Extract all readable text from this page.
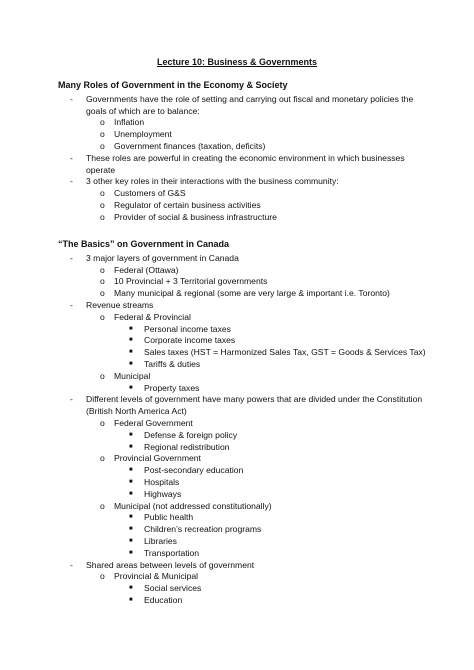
Lecture 10: Business & Governments
Many Roles of Government in the Economy & Society
- Governments have the role of setting and carrying out fiscal and monetary policies the goals of which are to balance:
o Inflation
o Unemployment
o Government finances (taxation, deficits)
- These roles are powerful in creating the economic environment in which businesses operate
- 3 other key roles in their interactions with the business community:
o Customers of G&S
o Regulator of certain business activities
o Provider of social & business infrastructure
“The Basics” on Government in Canada
- 3 major layers of government in Canada
o Federal (Ottawa)
o 10 Provincial + 3 Territorial governments
o Many municipal & regional (some are very large & important i.e. Toronto)
- Revenue streams
o Federal & Provincial
■ Personal income taxes
■ Corporate income taxes
■ Sales taxes (HST = Harmonized Sales Tax, GST = Goods & Services Tax)
■ Tariffs & duties
o Municipal
■ Property taxes
- Different levels of government have many powers that are divided under the Constitution (British North America Act)
o Federal Government
■ Defense & foreign policy
■ Regional redistribution
o Provincial Government
■ Post-secondary education
■ Hospitals
■ Highways
o Municipal (not addressed constitutionally)
■ Public health
■ Children’s recreation programs
■ Libraries
■ Transportation
- Shared areas between levels of government
o Provincial & Municipal
■ Social services
■ Education
